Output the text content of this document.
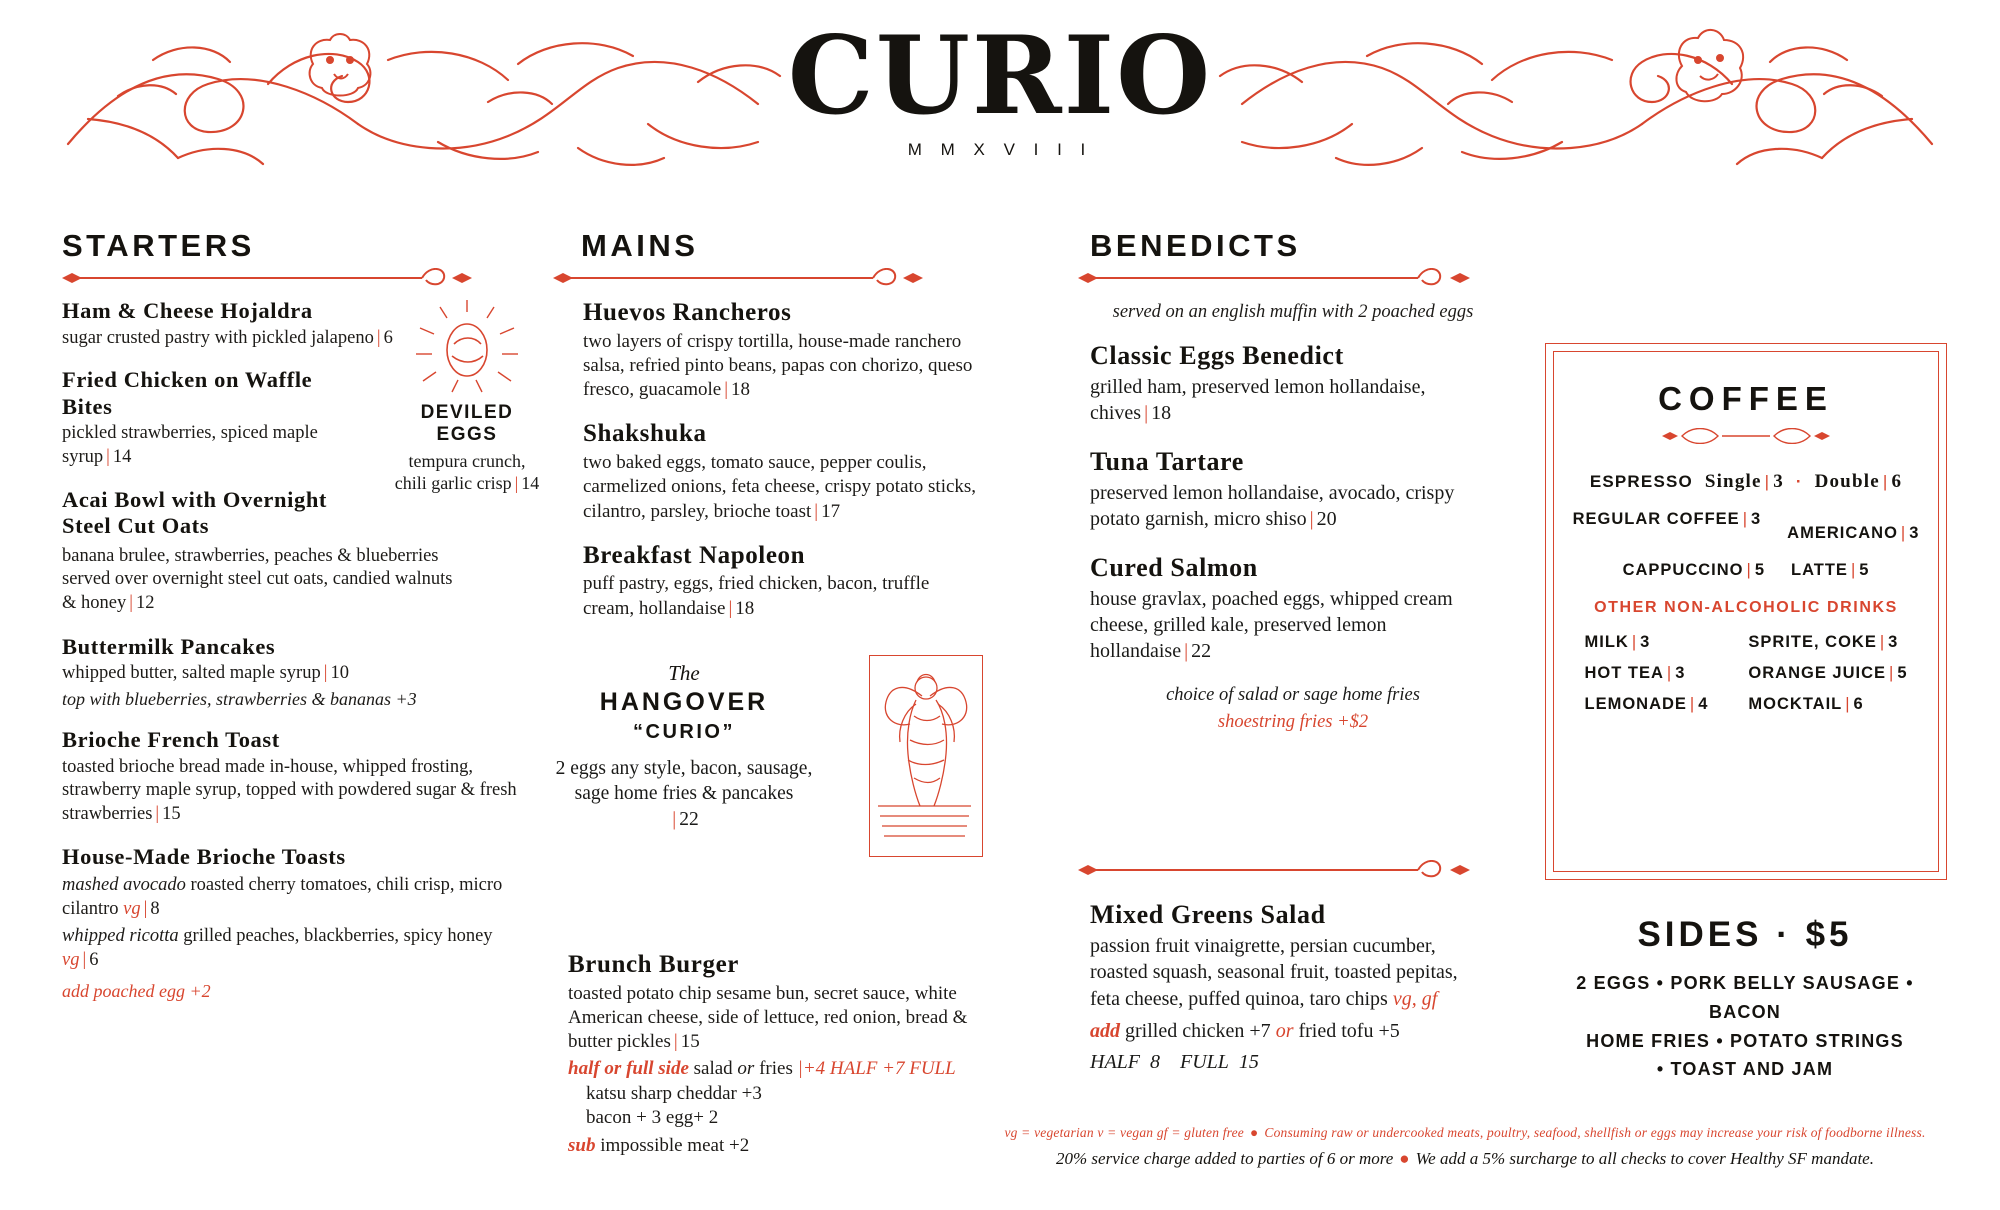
CURIO
M M X V I I I
STARTERS
Ham & Cheese Hojaldra
sugar crusted pastry with pickled jalapeno | 6
Fried Chicken on Waffle Bites
pickled strawberries, spiced maple syrup | 14
Acai Bowl with Overnight Steel Cut Oats
banana brulee, strawberries, peaches & blueberries served over overnight steel cut oats, candied walnuts & honey | 12
Buttermilk Pancakes
whipped butter, salted maple syrup | 10
top with blueberries, strawberries & bananas +3
Brioche French Toast
toasted brioche bread made in-house, whipped frosting, strawberry maple syrup, topped with powdered sugar & fresh strawberries | 15
House-Made Brioche Toasts
mashed avocado roasted cherry tomatoes, chili crisp, micro cilantro vg | 8
whipped ricotta grilled peaches, blackberries, spicy honey vg | 6
add poached egg +2
DEVILED EGGS
tempura crunch, chili garlic crisp | 14
MAINS
Huevos Rancheros
two layers of crispy tortilla, house-made ranchero salsa, refried pinto beans, papas con chorizo, queso fresco, guacamole | 18
Shakshuka
two baked eggs, tomato sauce, pepper coulis, carmelized onions, feta cheese, crispy potato sticks, cilantro, parsley, brioche toast | 17
Breakfast Napoleon
puff pastry, eggs, fried chicken, bacon, truffle cream, hollandaise | 18
The
HANGOVER
“CURIO”
2 eggs any style, bacon, sausage, sage home fries & pancakes
| 22
Brunch Burger
toasted potato chip sesame bun, secret sauce, white American cheese, side of lettuce, red onion, bread & butter pickles | 15
half or full side salad or fries |+4 HALF +7 FULL
katsu sharp cheddar +3
bacon + 3 egg+ 2
sub impossible meat +2
BENEDICTS
served on an english muffin with 2 poached eggs
Classic Eggs Benedict
grilled ham, preserved lemon hollandaise, chives | 18
Tuna Tartare
preserved lemon hollandaise, avocado, crispy potato garnish, micro shiso | 20
Cured Salmon
house gravlax, poached eggs, whipped cream cheese, grilled kale, preserved lemon hollandaise | 22
choice of salad or sage home fries
shoestring fries +$2
Mixed Greens Salad
passion fruit vinaigrette, persian cucumber, roasted squash, seasonal fruit, toasted pepitas, feta cheese, puffed quinoa, taro chips vg, gf
add grilled chicken +7 or fried tofu +5
HALF 8 FULL 15
COFFEE
ESPRESSO Single | 3  ·  Double | 6
REGULAR COFFEE | 3
AMERICANO | 3
CAPPUCCINO | 5 LATTE | 5
OTHER NON-ALCOHOLIC DRINKS
MILK | 3
HOT TEA | 3
LEMONADE | 4
SPRITE, COKE | 3
ORANGE JUICE | 5
MOCKTAIL | 6
SIDES · $5
2 EGGS • PORK BELLY SAUSAGE • BACON
HOME FRIES • POTATO STRINGS
• TOAST AND JAM
vg = vegetarian v = vegan gf = gluten free ● Consuming raw or undercooked meats, poultry, seafood, shellfish or eggs may increase your risk of foodborne illness.
20% service charge added to parties of 6 or more ● We add a 5% surcharge to all checks to cover Healthy SF mandate.
